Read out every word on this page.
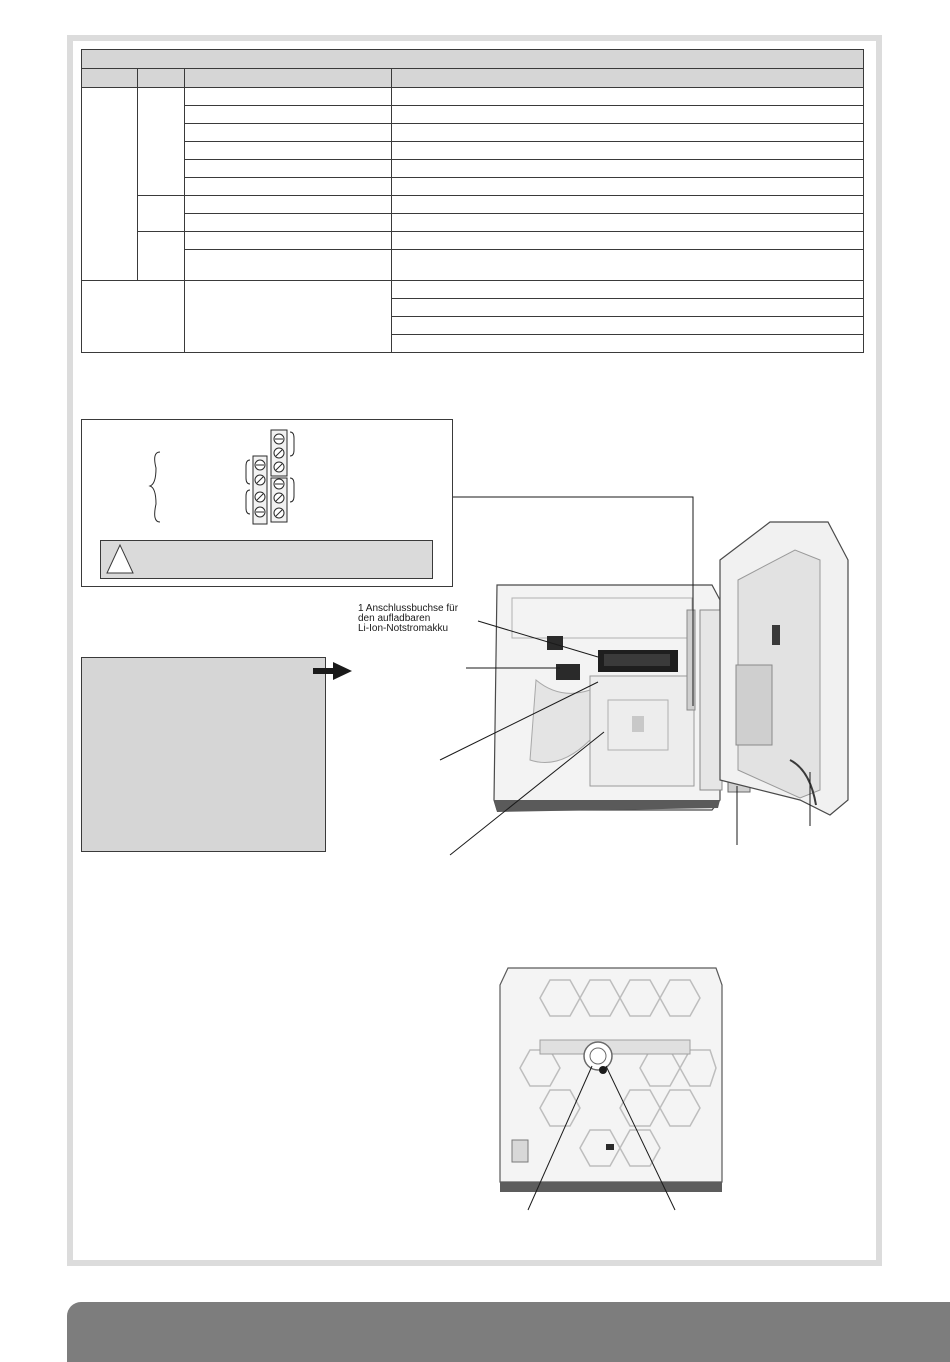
1 Anschlussbuchse für
den aufladbaren
Li-Ion-Notstromakku
